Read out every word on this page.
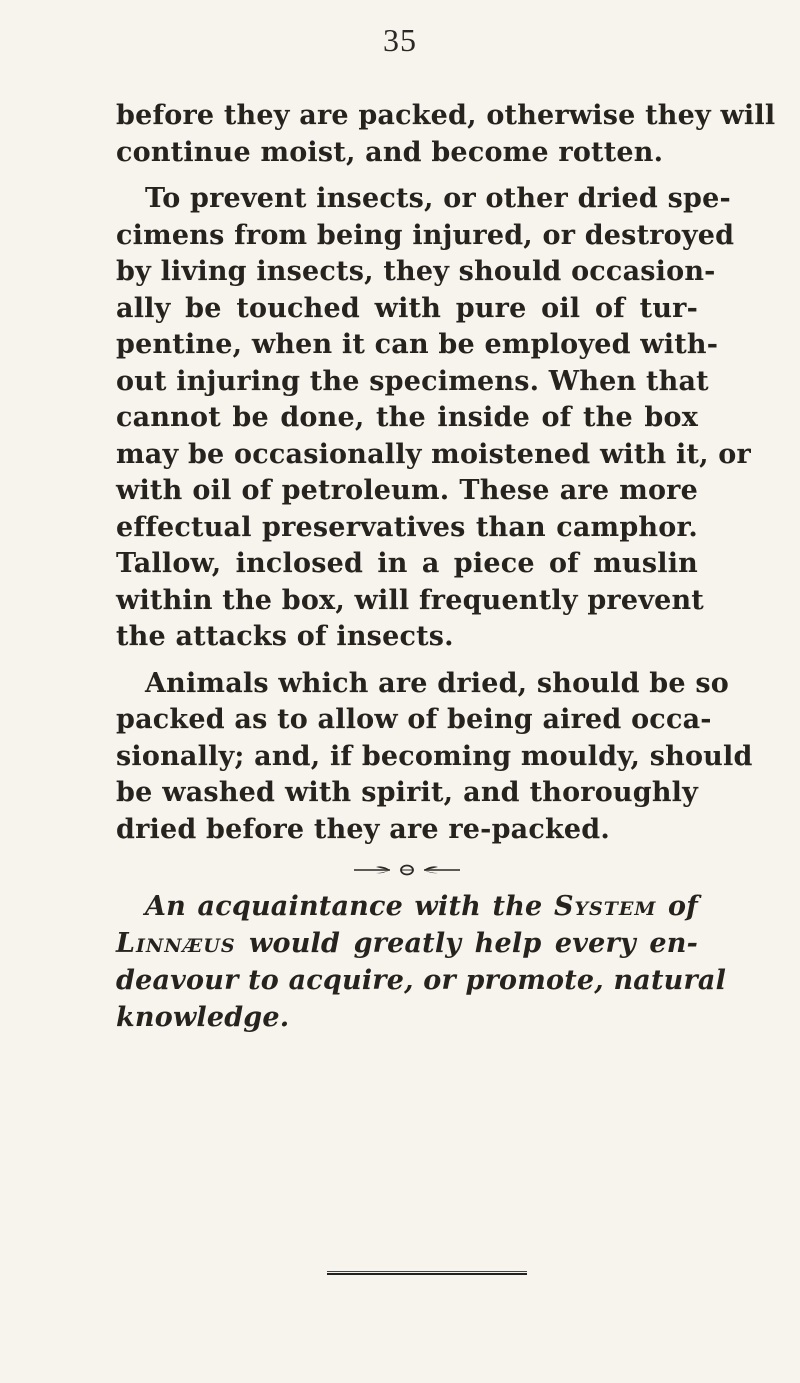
35
before they are packed, otherwise they will
continue moist, and become rotten.
To prevent insects, or other dried spe-
cimens from being injured, or destroyed
by living insects, they should occasion-
ally be touched with pure oil of tur-
pentine, when it can be employed with-
out injuring the specimens. When that
cannot be done, the inside of the box
may be occasionally moistened with it, or
with oil of petroleum. These are more
effectual preservatives than camphor.
Tallow, inclosed in a piece of muslin
within the box, will frequently prevent
the attacks of insects.
Animals which are dried, should be so
packed as to allow of being aired occa-
sionally; and, if becoming mouldy, should
be washed with spirit, and thoroughly
dried before they are re-packed.
An acquaintance with the System of
Linnæus would greatly help every en-
deavour to acquire, or promote, natural
knowledge.
